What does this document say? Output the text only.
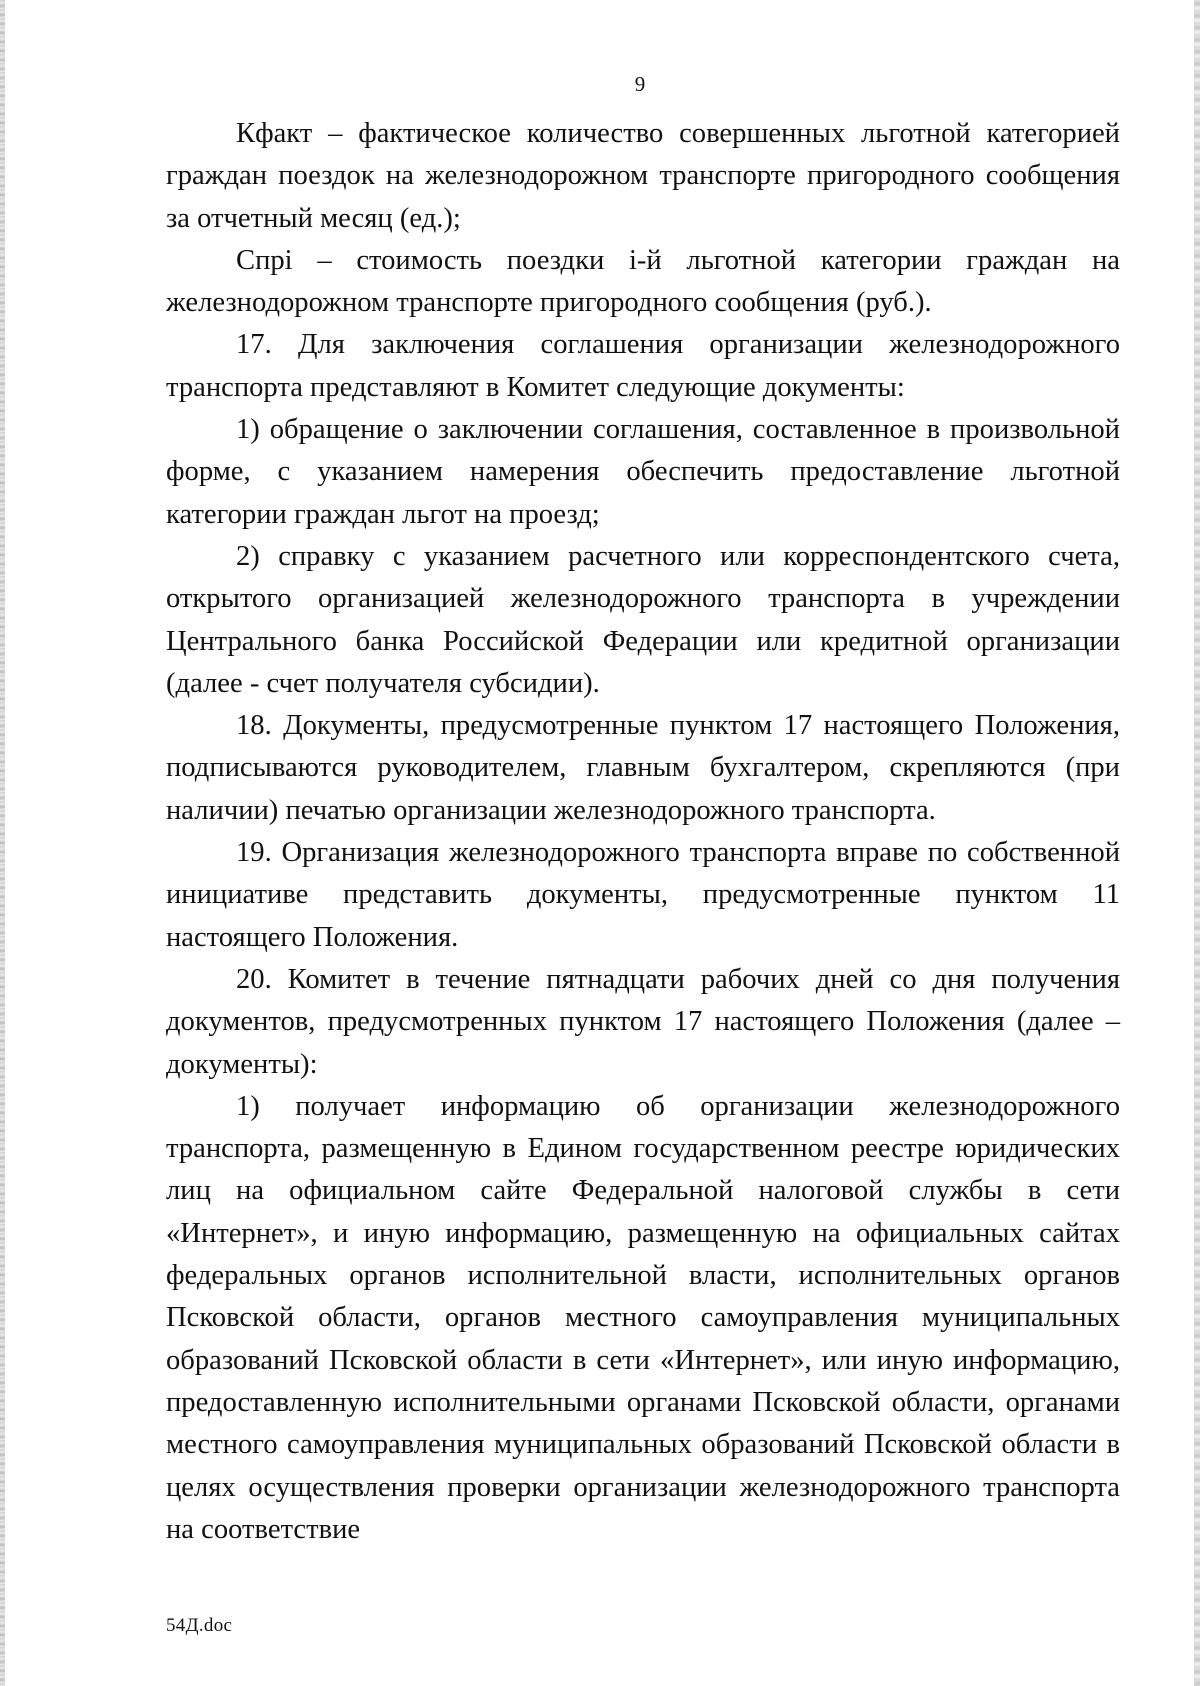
9

Кфакт – фактическое количество совершенных льготной категорией граждан поездок на железнодорожном транспорте пригородного сообщения за отчетный месяц (ед.);

Cпрi – стоимость поездки i-й льготной категории граждан на железнодорожном транспорте пригородного сообщения (руб.).

17. Для заключения соглашения организации железнодорожного транспорта представляют в Комитет следующие документы:

1) обращение о заключении соглашения, составленное в произвольной форме, с указанием намерения обеспечить предоставление льготной категории граждан льгот на проезд;

2) справку с указанием расчетного или корреспондентского счета, открытого организацией железнодорожного транспорта в учреждении Центрального банка Российской Федерации или кредитной организации (далее - счет получателя субсидии).

18. Документы, предусмотренные пунктом 17 настоящего Положения, подписываются руководителем, главным бухгалтером, скрепляются (при наличии) печатью организации железнодорожного транспорта.

19. Организация железнодорожного транспорта вправе по собственной инициативе представить документы, предусмотренные пунктом 11 настоящего Положения.

20. Комитет в течение пятнадцати рабочих дней со дня получения документов, предусмотренных пунктом 17 настоящего Положения (далее – документы):

1) получает информацию об организации железнодорожного транспорта, размещенную в Едином государственном реестре юридических лиц на официальном сайте Федеральной налоговой службы в сети «Интернет», и иную информацию, размещенную на официальных сайтах федеральных органов исполнительной власти, исполнительных органов Псковской области, органов местного самоуправления муниципальных образований Псковской области в сети «Интернет», или иную информацию, предоставленную исполнительными органами Псковской области, органами местного самоуправления муниципальных образований Псковской области в целях осуществления проверки организации железнодорожного транспорта на соответствие

54Д.doc
